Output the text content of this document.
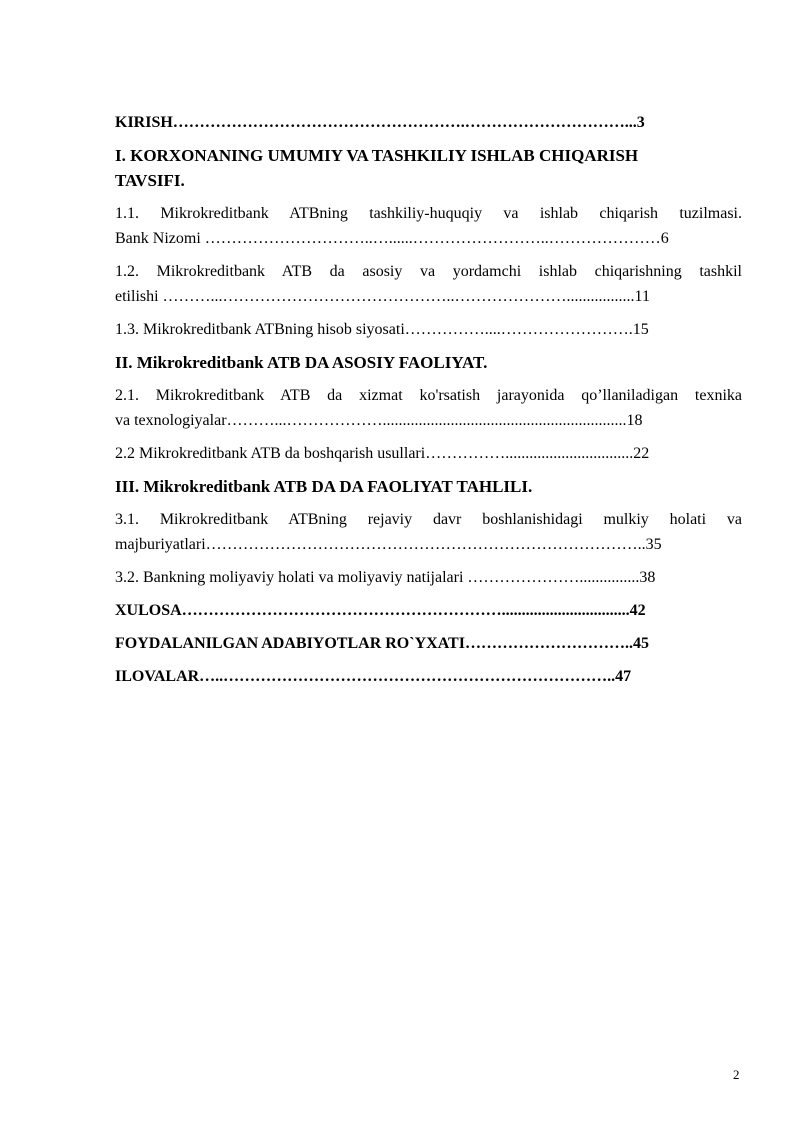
KIRISH……………………………………………….…………………………...3
I. KORXONANING UMUMIY VA TASHKILIY ISHLAB CHIQARISH
TAVSIFI.
1.1. Mikrokreditbank ATBning tashkiliy-huquqiy va ishlab chiqarish tuzilmasi.
Bank Nizomi …………………………..…......……………………..…………………6
1.2. Mikrokreditbank ATB da asosiy va yordamchi ishlab chiqarishning tashkil
etilishi ………...……………………………………..………………….................11
1.3. Mikrokreditbank ATBning hisob siyosati……………....…………………….15
II. Mikrokreditbank ATB DA ASOSIY FAOLIYAT.
2.1. Mikrokreditbank ATB da xizmat ko'rsatish jarayonida qo’llaniladigan texnika
va texnologiyalar………...……………….............................................................18
2.2 Mikrokreditbank ATB da boshqarish usullari……………................................22
III. Mikrokreditbank ATB DA DA FAOLIYAT TAHLILI.
3.1. Mikrokreditbank ATBning rejaviy davr boshlanishidagi mulkiy holati va
majburiyatlari………………………………………………………………………..35
3.2. Bankning moliyaviy holati va moliyaviy natijalari …………………...............38
XULOSA……………………………………………………................................42
FOYDALANILGAN ADABIYOTLAR RO`YXATI…………………………..45
ILOVALAR…..………………………………………………………………..47
2
